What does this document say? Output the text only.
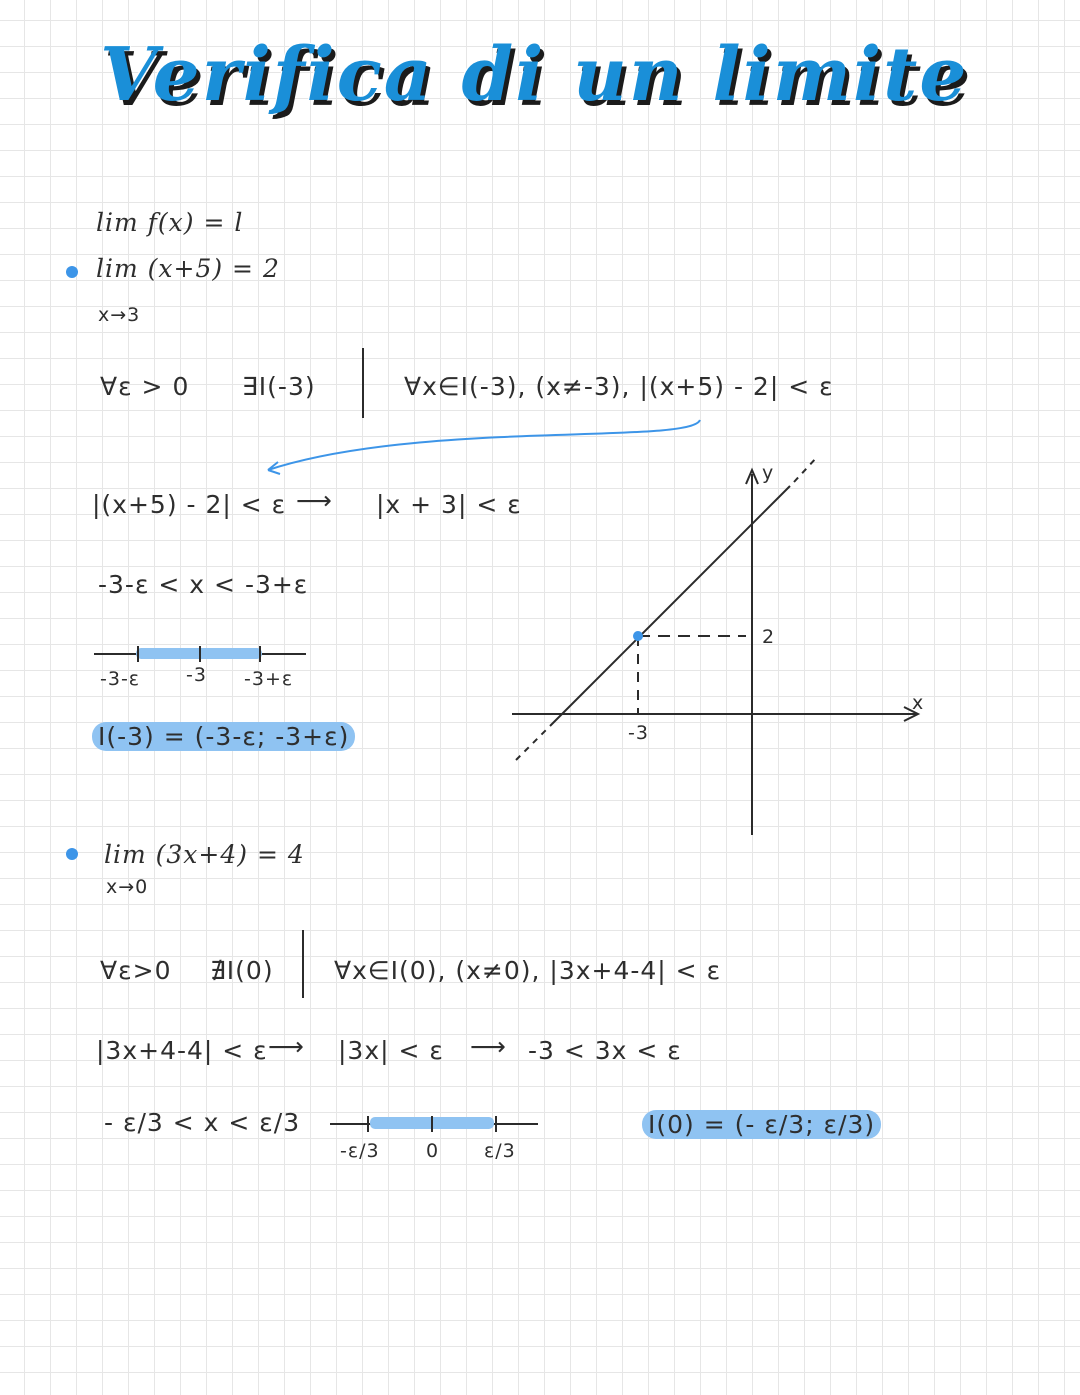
Verifica di un limite
lim f(x) = l
lim (x+5) = 2
x→3
∀ε > 0 ∃I(-3)	∀x∈I(-3), (x≠-3), |(x+5) - 2| < ε
|(x+5) - 2| < ε ⟶ |x + 3| < ε
-3-ε < x < -3+ε
-3-ε -3 -3+ε
I(-3) = (-3-ε; -3+ε)
x
y
2
-3
lim (3x+4) = 4
x→0
∀ε>0 ∄I(0) ∀x∈I(0), (x≠0), |3x+4-4| < ε
|3x+4-4| < ε ⟶ |3x| < ε ⟶ -3 < 3x < ε
- ε/3 < x < ε/3
-ε/3 0 ε/3
I(0) = (- ε/3; ε/3)
